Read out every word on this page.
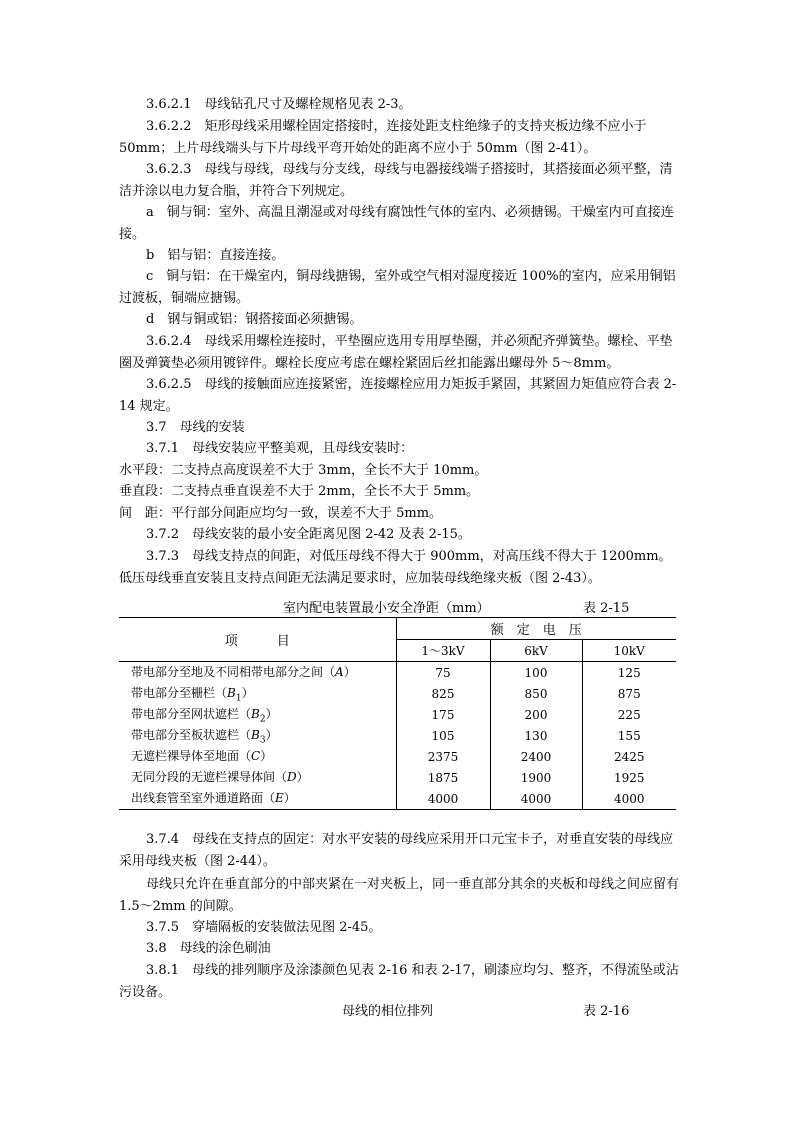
3.6.2.1　母线钻孔尺寸及螺栓规格见表 2-3。
3.6.2.2　矩形母线采用螺栓固定搭接时，连接处距支柱绝缘子的支持夹板边缘不应小于 50mm；上片母线端头与下片母线平弯开始处的距离不应小于 50mm（图 2-41）。
3.6.2.3　母线与母线，母线与分支线，母线与电器接线端子搭接时，其搭接面必须平整，清洁并涂以电力复合脂，并符合下列规定。
a　铜与铜：室外、高温且潮湿或对母线有腐蚀性气体的室内、必须搪锡。干燥室内可直接连接。
b　铝与铝：直接连接。
c　铜与铝：在干燥室内，铜母线搪锡，室外或空气相对湿度接近 100%的室内，应采用铜铝过渡板，铜端应搪锡。
d　钢与铜或铝：钢搭接面必须搪锡。
3.6.2.4　母线采用螺栓连接时，平垫圈应选用专用厚垫圈，并必须配齐弹簧垫。螺栓、平垫圈及弹簧垫必须用镀锌件。螺栓长度应考虑在螺栓紧固后丝扣能露出螺母外 5～8mm。
3.6.2.5　母线的接触面应连接紧密，连接螺栓应用力矩扳手紧固，其紧固力矩值应符合表 2-14 规定。
3.7　母线的安装
3.7.1　母线安装应平整美观，且母线安装时：
水平段：二支持点高度误差不大于 3mm，全长不大于 10mm。
垂直段：二支持点垂直误差不大于 2mm，全长不大于 5mm。
间　距：平行部分间距应均匀一致，误差不大于 5mm。
3.7.2　母线安装的最小安全距离见图 2-42 及表 2-15。
3.7.3　母线支持点的间距，对低压母线不得大于 900mm，对高压线不得大于 1200mm。低压母线垂直安装且支持点间距无法满足要求时，应加装母线绝缘夹板（图 2-43）。
室内配电装置最小安全净距（mm）	表 2-15
项　　　目	额　定　电　压		
	1～3kV	6kV	10kV
带电部分至地及不同相带电部分之间（A）	75	100	125
带电部分至栅栏$(B_1)$	825	850	875
带电部分至网状遮栏$(B_2)$	175	200	225
带电部分至板状遮栏$(B_3)$	105	130	155
无遮栏裸导体至地面（C）	2375	2400	2425
无同分段的无遮栏裸导体间（D）	1875	1900	1925
出线套管至室外通道路面（E）	4000	4000	4000
3.7.4　母线在支持点的固定：对水平安装的母线应采用开口元宝卡子，对垂直安装的母线应采用母线夹板（图 2-44）。
母线只允许在垂直部分的中部夹紧在一对夹板上，同一垂直部分其余的夹板和母线之间应留有 1.5～2mm 的间隙。
3.7.5　穿墙隔板的安装做法见图 2-45。
3.8　母线的涂色刷油
3.8.1　母线的排列顺序及涂漆颜色见表 2-16 和表 2-17，刷漆应均匀、整齐，不得流坠或沾污设备。
母线的相位排列	表 2-16
